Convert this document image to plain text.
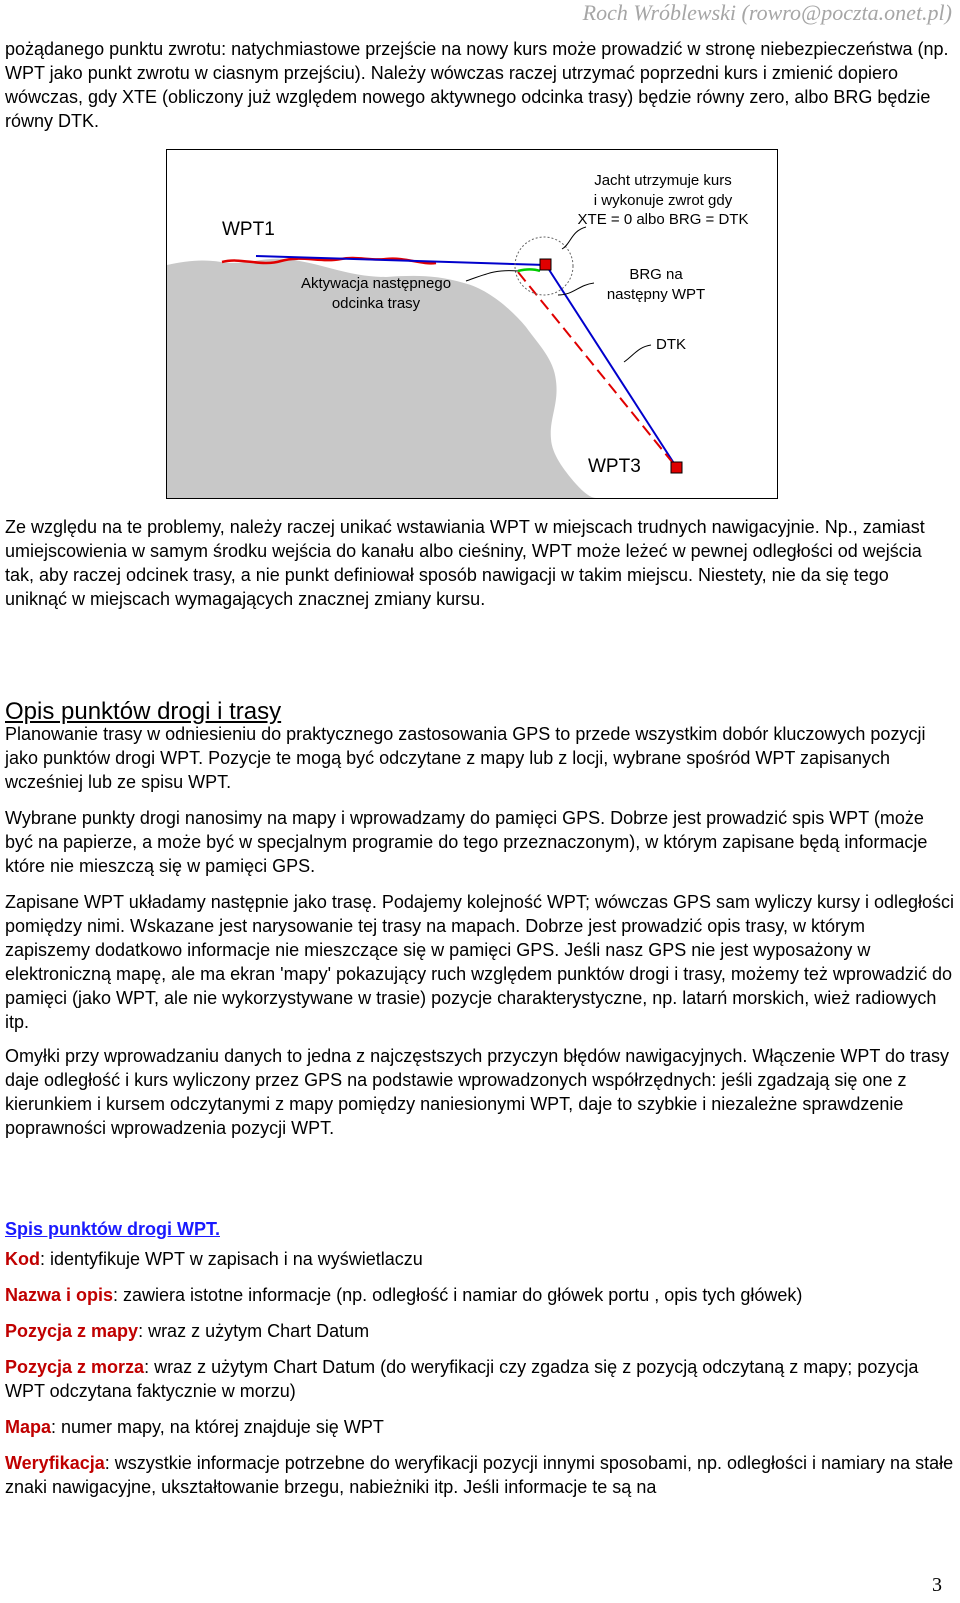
Roch Wróblewski (rowro@poczta.onet.pl)

pożądanego punktu zwrotu: natychmiastowe przejście na nowy kurs może prowadzić w stronę niebezpieczeństwa (np. WPT jako punkt zwrotu w ciasnym przejściu). Należy wówczas raczej utrzymać poprzedni kurs i zmienić dopiero wówczas, gdy XTE (obliczony już względem nowego aktywnego odcinka trasy) będzie równy zero, albo BRG będzie równy DTK.

WPT1
WPT3
Aktywacja następnego
odcinka trasy
Jacht utrzymuje kurs
i wykonuje zwrot gdy
XTE = 0 albo BRG = DTK
BRG na
następny WPT
DTK

Ze względu na te problemy, należy raczej unikać wstawiania WPT w miejscach trudnych nawigacyjnie. Np., zamiast umiejscowienia w samym środku wejścia do kanału albo cieśniny, WPT może leżeć w pewnej odległości od wejścia tak, aby raczej odcinek trasy, a nie punkt definiował sposób nawigacji w takim miejscu. Niestety, nie da się tego uniknąć w miejscach wymagających znacznej zmiany kursu.

Opis punktów drogi i trasy

Planowanie trasy w odniesieniu do praktycznego zastosowania GPS to przede wszystkim dobór kluczowych pozycji jako punktów drogi WPT. Pozycje te mogą być odczytane z mapy lub z locji, wybrane spośród WPT zapisanych wcześniej lub ze spisu WPT.

Wybrane punkty drogi nanosimy na mapy i wprowadzamy do pamięci GPS. Dobrze jest prowadzić spis WPT (może być na papierze, a może być w specjalnym programie do tego przeznaczonym), w którym zapisane będą informacje które nie mieszczą się w pamięci GPS.

Zapisane WPT układamy następnie jako trasę. Podajemy kolejność WPT; wówczas GPS sam wyliczy kursy i odległości pomiędzy nimi. Wskazane jest narysowanie tej trasy na mapach. Dobrze jest prowadzić opis trasy, w którym zapiszemy dodatkowo informacje nie mieszczące się w pamięci GPS. Jeśli nasz GPS nie jest wyposażony w elektroniczną mapę, ale ma ekran 'mapy' pokazujący ruch względem punktów drogi i trasy, możemy też wprowadzić do pamięci (jako WPT, ale nie wykorzystywane w trasie) pozycje charakterystyczne, np. latarń morskich, wież radiowych itp.

Omyłki przy wprowadzaniu danych to jedna z najczęstszych przyczyn błędów nawigacyjnych. Włączenie WPT do trasy daje odległość i kurs wyliczony przez GPS na podstawie wprowadzonych współrzędnych: jeśli zgadzają się one z kierunkiem i kursem odczytanymi z mapy pomiędzy naniesionymi WPT, daje to szybkie i niezależne sprawdzenie poprawności wprowadzenia pozycji WPT.

Spis punktów drogi WPT.

Kod: identyfikuje WPT w zapisach i na wyświetlaczu

Nazwa i opis: zawiera istotne informacje (np. odległość i namiar do główek portu , opis tych główek)

Pozycja z mapy: wraz z użytym Chart Datum

Pozycja z morza: wraz z użytym Chart Datum (do weryfikacji czy zgadza się z pozycją odczytaną z mapy; pozycja WPT odczytana faktycznie w morzu)

Mapa: numer mapy, na której znajduje się WPT

Weryfikacja: wszystkie informacje potrzebne do weryfikacji pozycji innymi sposobami, np. odległości i namiary na stałe znaki nawigacyjne, ukształtowanie brzegu, nabieżniki itp. Jeśli informacje te są na

3
